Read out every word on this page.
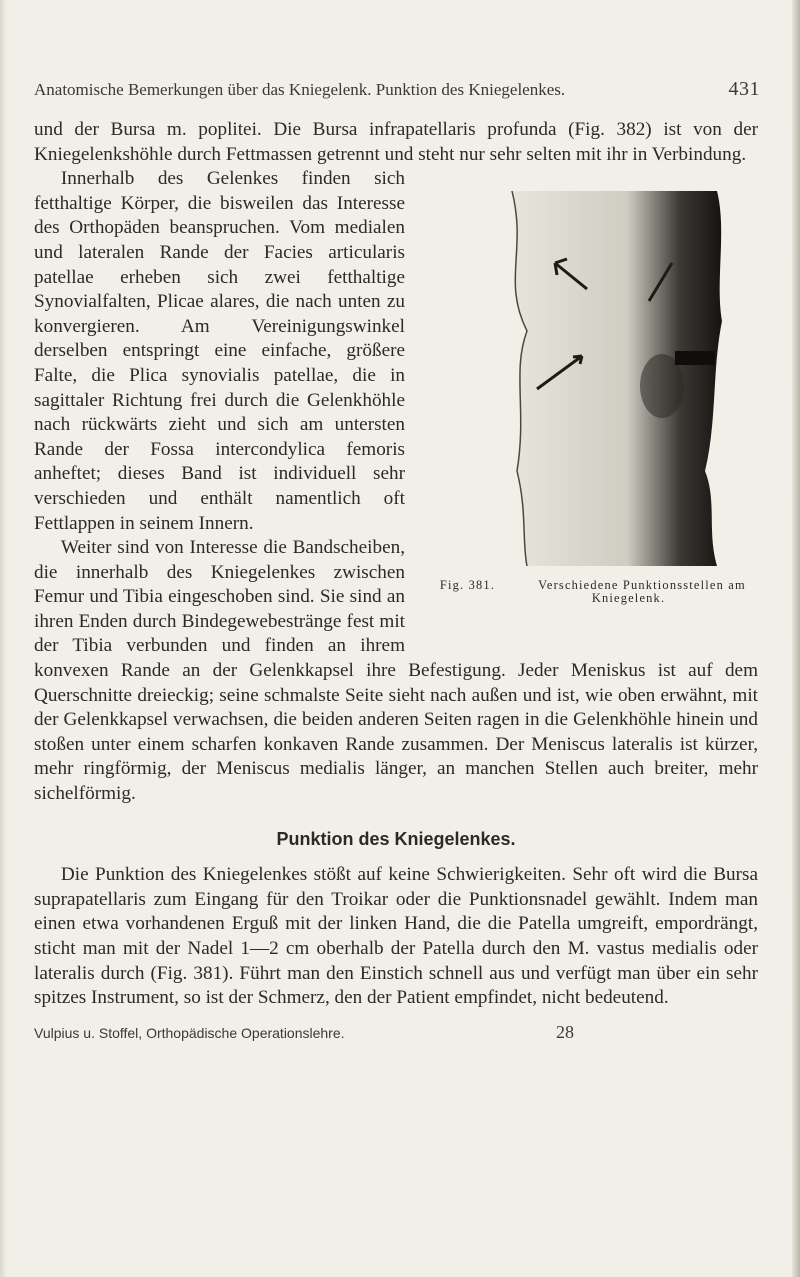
Anatomische Bemerkungen über das Kniegelenk. Punktion des Kniegelenkes.	431

und der Bursa m. poplitei. Die Bursa infrapatellaris profunda (Fig. 382) ist von der Kniegelenkshöhle durch Fettmassen getrennt und steht nur sehr selten mit ihr in Verbindung.

Fig. 381.	Verschiedene Punktionsstellen am Kniegelenk.
Innerhalb des Gelenkes finden sich fetthaltige Körper, die bisweilen das Interesse des Orthopäden beanspruchen. Vom medialen und lateralen Rande der Facies articularis patellae erheben sich zwei fetthaltige Synovialfalten, Plicae alares, die nach unten zu konvergieren. Am Vereinigungswinkel derselben entspringt eine einfache, größere Falte, die Plica synovialis patellae, die in sagittaler Richtung frei durch die Gelenkhöhle nach rückwärts zieht und sich am untersten Rande der Fossa intercondylica femoris anheftet; dieses Band ist individuell sehr verschieden und enthält namentlich oft Fettlappen in seinem Innern.

Weiter sind von Interesse die Bandscheiben, die innerhalb des Kniegelenkes zwischen Femur und Tibia eingeschoben sind. Sie sind an ihren Enden durch Bindegewebestränge fest mit der Tibia verbunden und finden an ihrem konvexen Rande an der Gelenkkapsel ihre Befestigung. Jeder Meniskus ist auf dem Querschnitte dreieckig; seine schmalste Seite sieht nach außen und ist, wie oben erwähnt, mit der Gelenkkapsel verwachsen, die beiden anderen Seiten ragen in die Gelenkhöhle hinein und stoßen unter einem scharfen konkaven Rande zusammen. Der Meniscus lateralis ist kürzer, mehr ringförmig, der Meniscus medialis länger, an manchen Stellen auch breiter, mehr sichelförmig.

Punktion des Kniegelenkes.

Die Punktion des Kniegelenkes stößt auf keine Schwierigkeiten. Sehr oft wird die Bursa suprapatellaris zum Eingang für den Troikar oder die Punktionsnadel gewählt. Indem man einen etwa vorhandenen Erguß mit der linken Hand, die die Patella umgreift, empordrängt, sticht man mit der Nadel 1—2 cm oberhalb der Patella durch den M. vastus medialis oder lateralis durch (Fig. 381). Führt man den Einstich schnell aus und verfügt man über ein sehr spitzes Instrument, so ist der Schmerz, den der Patient empfindet, nicht bedeutend.

Vulpius u. Stoffel, Orthopädische Operationslehre.	28
